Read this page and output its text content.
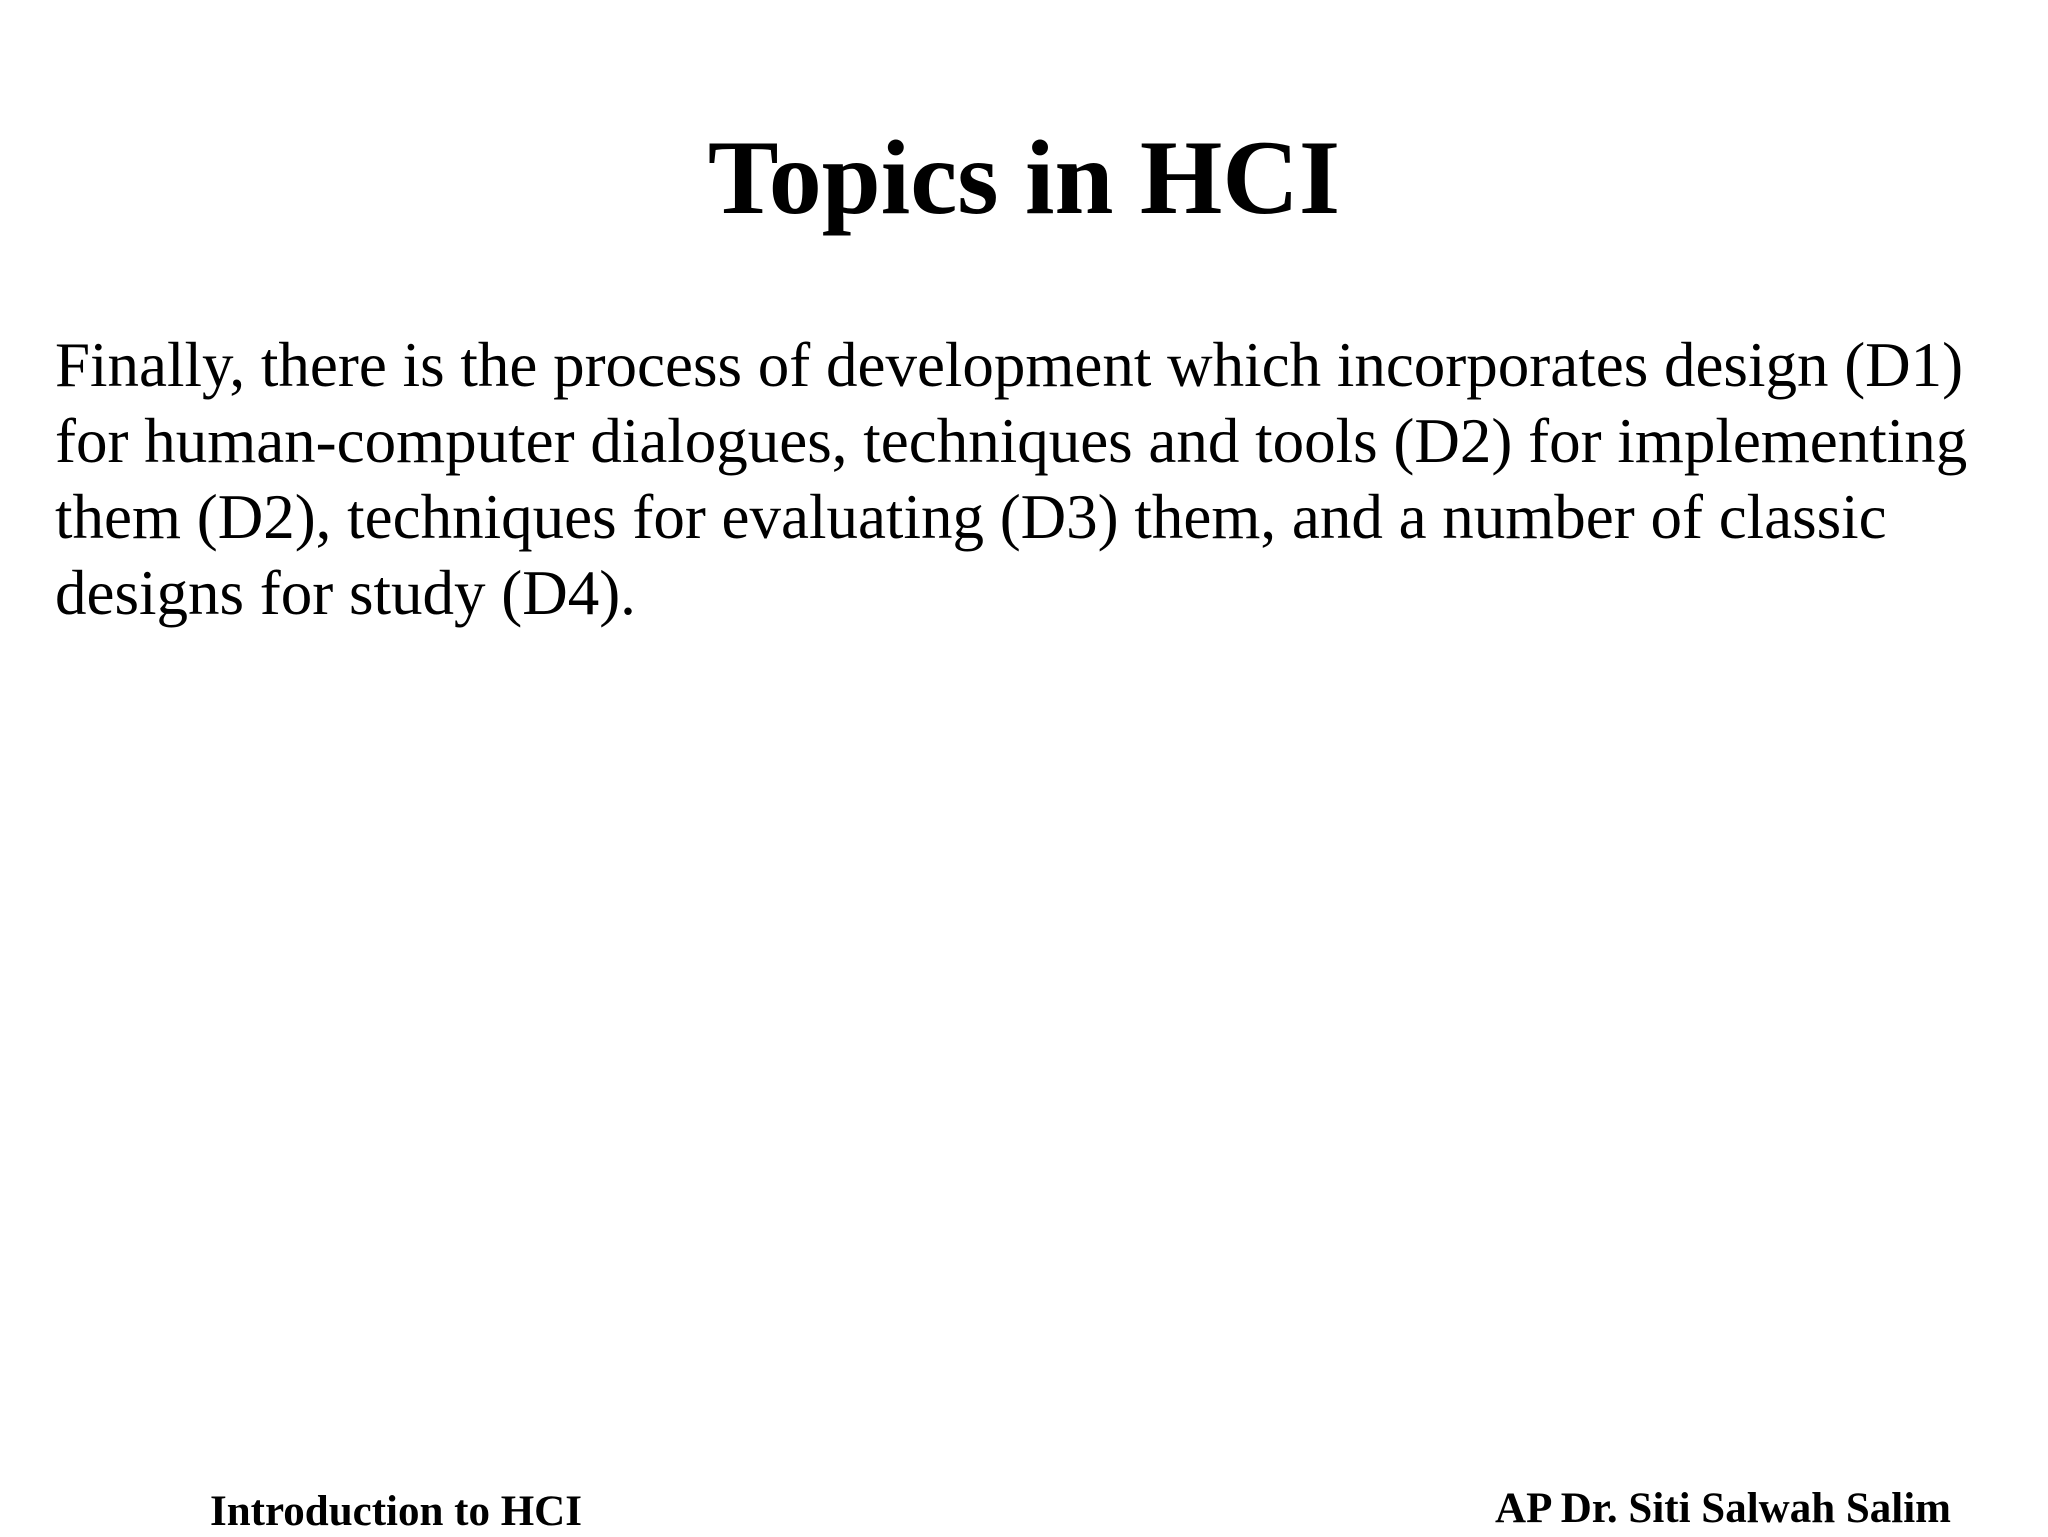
Topics in HCI

Finally, there is the process of development which incorporates design (D1) for human-computer dialogues, techniques and tools (D2) for implementing them (D2), techniques for evaluating (D3) them, and a number of classic designs for study (D4).

Introduction to HCI	AP Dr. Siti Salwah Salim
